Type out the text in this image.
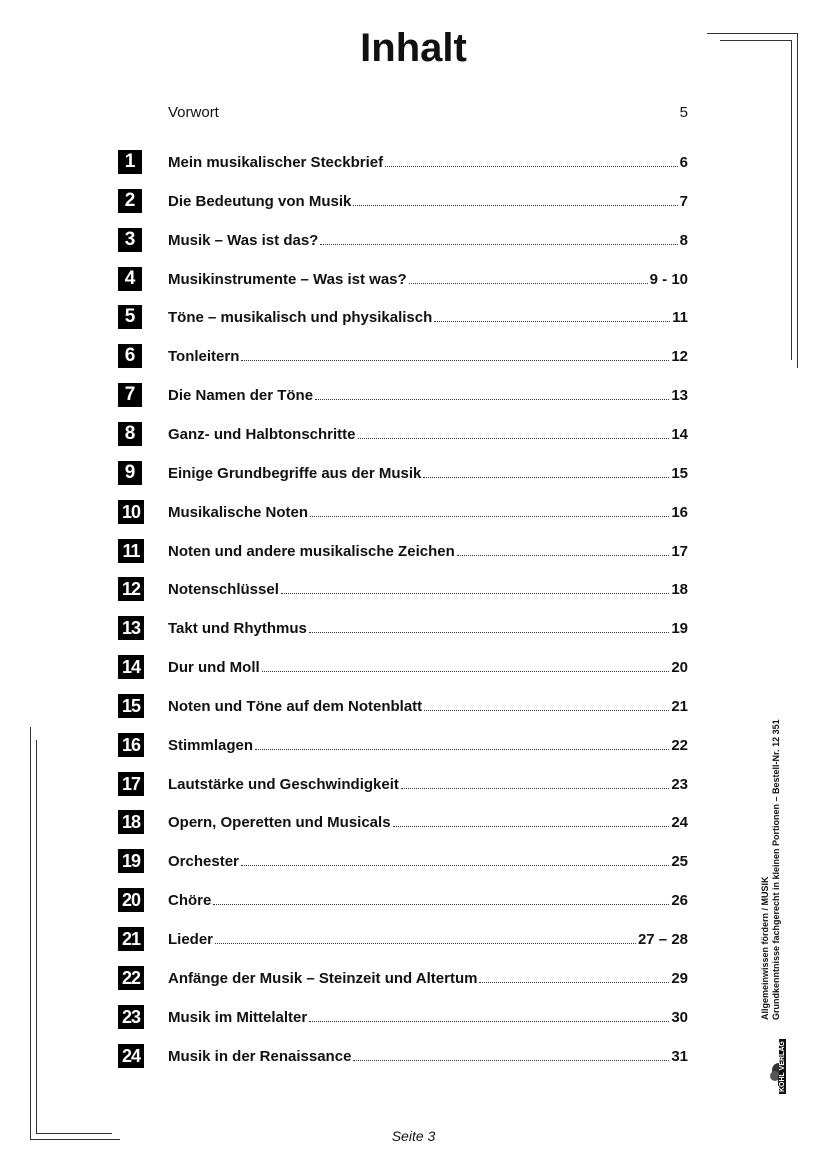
Inhalt
Vorwort	5
1	Mein musikalischer Steckbrief	6
2	Die Bedeutung von Musik	7
3	Musik – Was ist das?	8
4	Musikinstrumente – Was ist was?	9 - 10
5	Töne – musikalisch und physikalisch	11
6	Tonleitern	12
7	Die Namen der Töne	13
8	Ganz- und Halbtonschritte	14
9	Einige Grundbegriffe aus der Musik	15
10 Musikalische Noten	16
11 Noten und andere musikalische Zeichen	17
12 Notenschlüssel	18
13 Takt und Rhythmus	19
14 Dur und Moll	20
15 Noten und Töne auf dem Notenblatt	21
16 Stimmlagen	22
17 Lautstärke und Geschwindigkeit	23
18 Opern, Operetten und Musicals	24
19 Orchester	25
20 Chöre	26
21 Lieder	27 – 28
22 Anfänge der Musik – Steinzeit und Altertum	29
23 Musik im Mittelalter	30
24 Musik in der Renaissance	31
Allgemeinwissen fördern / MUSIK Grundkenntnisse fachgerecht in kleinen Portionen – Bestell-Nr. 12 351
KOHL VERLAG
Seite 3
